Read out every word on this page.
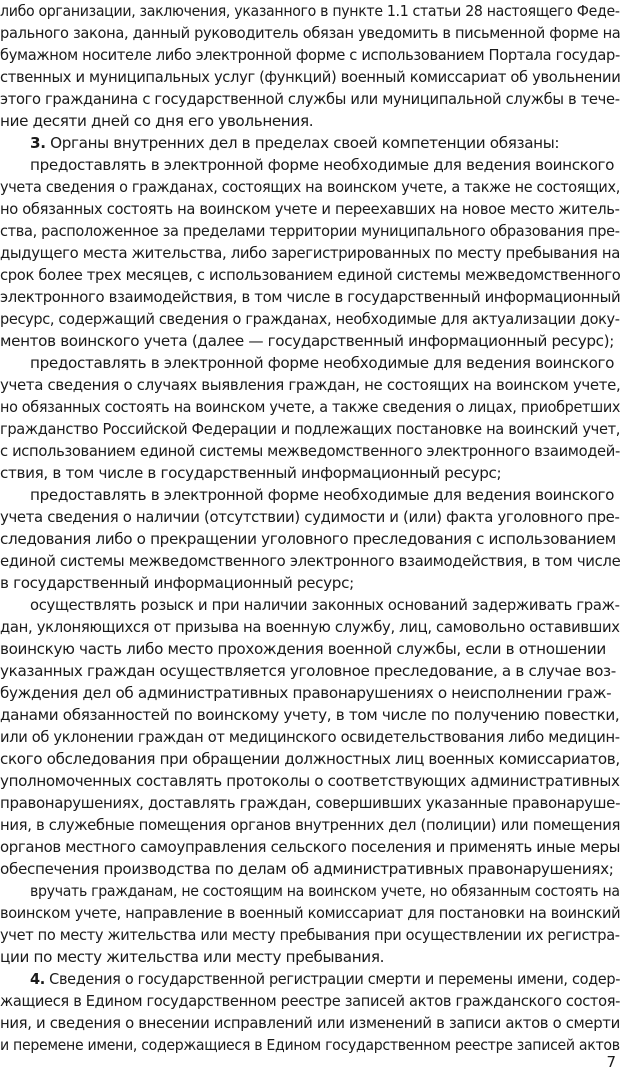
либо организации, заключения, указанного в пункте 1.1 статьи 28 настоящего Феде-
рального закона, данный руководитель обязан уведомить в письменной форме на
бумажном носителе либо электронной форме с использованием Портала государ-
ственных и муниципальных услуг (функций) военный комиссариат об увольнении
этого гражданина с государственной службы или муниципальной службы в тече-
ние десяти дней со дня его увольнения.
3. Органы внутренних дел в пределах своей компетенции обязаны:
предоставлять в электронной форме необходимые для ведения воинского
учета сведения о гражданах, состоящих на воинском учете, а также не состоящих,
но обязанных состоять на воинском учете и переехавших на новое место житель-
ства, расположенное за пределами территории муниципального образования пре-
дыдущего места жительства, либо зарегистрированных по месту пребывания на
срок более трех месяцев, с использованием единой системы межведомственного
электронного взаимодействия, в том числе в государственный информационный
ресурс, содержащий сведения о гражданах, необходимые для актуализации доку-
ментов воинского учета (далее — государственный информационный ресурс);
предоставлять в электронной форме необходимые для ведения воинского
учета сведения о случаях выявления граждан, не состоящих на воинском учете,
но обязанных состоять на воинском учете, а также сведения о лицах, приобретших
гражданство Российской Федерации и подлежащих постановке на воинский учет,
с использованием единой системы межведомственного электронного взаимодей-
ствия, в том числе в государственный информационный ресурс;
предоставлять в электронной форме необходимые для ведения воинского
учета сведения о наличии (отсутствии) судимости и (или) факта уголовного пре-
следования либо о прекращении уголовного преследования с использованием
единой системы межведомственного электронного взаимодействия, в том числе
в государственный информационный ресурс;
осуществлять розыск и при наличии законных оснований задерживать граж-
дан, уклоняющихся от призыва на военную службу, лиц, самовольно оставивших
воинскую часть либо место прохождения военной службы, если в отношении
указанных граждан осуществляется уголовное преследование, а в случае воз-
буждения дел об административных правонарушениях о неисполнении граж-
данами обязанностей по воинскому учету, в том числе по получению повестки,
или об уклонении граждан от медицинского освидетельствования либо медицин-
ского обследования при обращении должностных лиц военных комиссариатов,
уполномоченных составлять протоколы о соответствующих административных
правонарушениях, доставлять граждан, совершивших указанные правонаруше-
ния, в служебные помещения органов внутренних дел (полиции) или помещения
органов местного самоуправления сельского поселения и применять иные меры
обеспечения производства по делам об административных правонарушениях;
вручать гражданам, не состоящим на воинском учете, но обязанным состоять на
воинском учете, направление в военный комиссариат для постановки на воинский
учет по месту жительства или месту пребывания при осуществлении их регистра-
ции по месту жительства или месту пребывания.
4. Сведения о государственной регистрации смерти и перемены имени, содер-
жащиеся в Едином государственном реестре записей актов гражданского состоя-
ния, и сведения о внесении исправлений или изменений в записи актов о смерти
и перемене имени, содержащиеся в Едином государственном реестре записей актов
7
